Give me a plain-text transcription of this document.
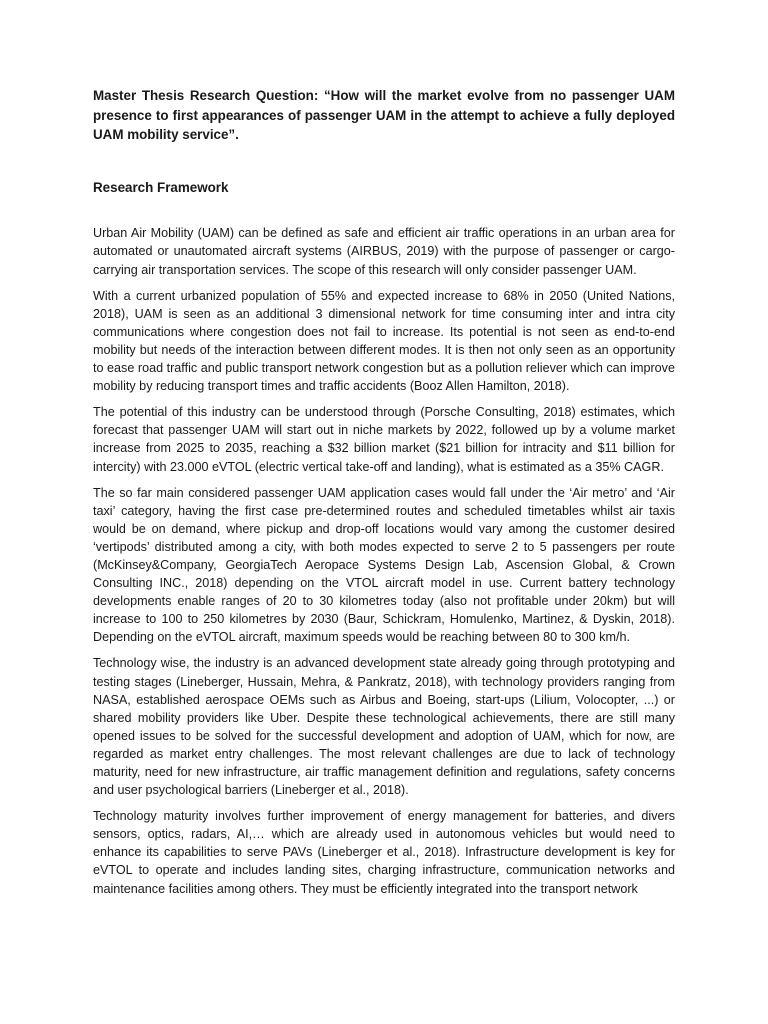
Master Thesis Research Question: “How will the market evolve from no passenger UAM presence to first appearances of passenger UAM in the attempt to achieve a fully deployed UAM mobility service”.

Research Framework

Urban Air Mobility (UAM) can be defined as safe and efficient air traffic operations in an urban area for automated or unautomated aircraft systems (AIRBUS, 2019) with the purpose of passenger or cargo-carrying air transportation services. The scope of this research will only consider passenger UAM.

With a current urbanized population of 55% and expected increase to 68% in 2050 (United Nations, 2018), UAM is seen as an additional 3 dimensional network for time consuming inter and intra city communications where congestion does not fail to increase. Its potential is not seen as end-to-end mobility but needs of the interaction between different modes. It is then not only seen as an opportunity to ease road traffic and public transport network congestion but as a pollution reliever which can improve mobility by reducing transport times and traffic accidents (Booz Allen Hamilton, 2018).

The potential of this industry can be understood through (Porsche Consulting, 2018) estimates, which forecast that passenger UAM will start out in niche markets by 2022, followed up by a volume market increase from 2025 to 2035, reaching a $32 billion market ($21 billion for intracity and $11 billion for intercity) with 23.000 eVTOL (electric vertical take-off and landing), what is estimated as a 35% CAGR.

The so far main considered passenger UAM application cases would fall under the ‘Air metro’ and ‘Air taxi’ category, having the first case pre-determined routes and scheduled timetables whilst air taxis would be on demand, where pickup and drop-off locations would vary among the customer desired ‘vertipods’ distributed among a city, with both modes expected to serve 2 to 5 passengers per route (McKinsey&Company, GeorgiaTech Aeropace Systems Design Lab, Ascension Global, & Crown Consulting INC., 2018) depending on the VTOL aircraft model in use. Current battery technology developments enable ranges of 20 to 30 kilometres today (also not profitable under 20km) but will increase to 100 to 250 kilometres by 2030 (Baur, Schickram, Homulenko, Martinez, & Dyskin, 2018). Depending on the eVTOL aircraft, maximum speeds would be reaching between 80 to 300 km/h.

Technology wise, the industry is an advanced development state already going through prototyping and testing stages (Lineberger, Hussain, Mehra, & Pankratz, 2018), with technology providers ranging from NASA, established aerospace OEMs such as Airbus and Boeing, start-ups (Lilium, Volocopter, ...) or shared mobility providers like Uber. Despite these technological achievements, there are still many opened issues to be solved for the successful development and adoption of UAM, which for now, are regarded as market entry challenges. The most relevant challenges are due to lack of technology maturity, need for new infrastructure, air traffic management definition and regulations, safety concerns and user psychological barriers (Lineberger et al., 2018).

Technology maturity involves further improvement of energy management for batteries, and divers sensors, optics, radars, AI,… which are already used in autonomous vehicles but would need to enhance its capabilities to serve PAVs (Lineberger et al., 2018). Infrastructure development is key for eVTOL to operate and includes landing sites, charging infrastructure, communication networks and maintenance facilities among others. They must be efficiently integrated into the transport network
